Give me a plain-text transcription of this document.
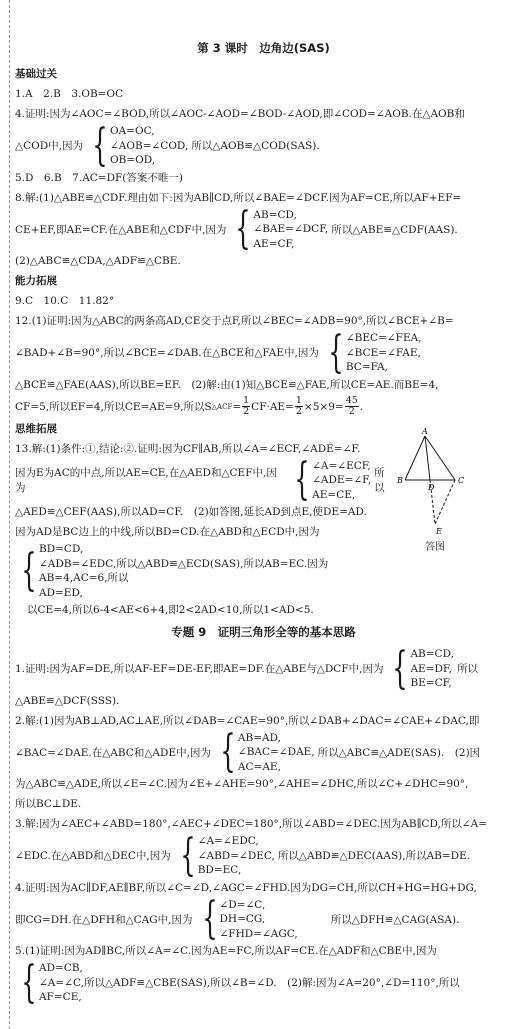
第 3 课时　边角边(SAS)
基础过关
1.A　2.B　3.OB=OC
4.证明:因为∠AOC=∠BOD,所以∠AOC-∠AOD=∠BOD-∠AOD,即∠COD=∠AOB.在△AOB和
△COD中,因为 { OA=OC,
∠AOB=∠COD,
OB=OD,
所以△AOB≌△COD(SAS).
5.D　6.B　7.AC=DF(答案不唯一)
8.解:(1)△ABE≌△CDF.理由如下:因为AB∥CD,所以∠BAE=∠DCF.因为AF=CE,所以AF+EF=
CE+EF,即AE=CF.在△ABE和△CDF中,因为 { AB=CD,
∠BAE=∠DCF,
AE=CF,
所以△ABE≌△CDF(AAS).
(2)△ABC≌△CDA,△ADF≌△CBE.
能力拓展
9.C　10.C　11.82°
12.(1)证明:因为△ABC的两条高AD,CE交于点F,所以∠BEC=∠ADB=90°,所以∠BCE+∠B=
∠BAD+∠B=90°,所以∠BCE=∠DAB.在△BCE和△FAE中,因为 { ∠BEC=∠FEA,
∠BCE=∠FAE,
BC=FA,
△BCE≌△FAE(AAS),所以BE=EF.　(2)解:由(1)知△BCE≌△FAE,所以CE=AE.而BE=4,
CF=5,所以EF=4,所以CE=AE=9,所以S △ACF = $\frac{1}{2} CF\cdot AE= \frac{1}{2} \times 5\times 9= \frac{45}{2}$ .
思维拓展
13.解:(1)条件:①,结论:②.证明:因为CF∥AB,所以∠A=∠ECF,∠ADE=∠F.
因为E为AC的中点,所以AE=CE,在△AED和△CEF中,因为	{ ∠A=∠ECF,
∠ADE=∠F,
AE=CE,
所以
△AED≌△CEF(AAS),所以AD=CF.　(2)如答图,延长AD到点E,使DE=AD.
因为AD是BC边上的中线,所以BD=CD.在△ABD和△ECD中,因为
{ BD=CD,
∠ADB=∠EDC,所以△ABD≌△ECD(SAS),所以AB=EC.因为AB=4,AC=6,所以
AD=ED,
以CE=4,所以6-4<AE<6+4,即2<2AD<10,所以1<AD<5.
专题 9　证明三角形全等的基本思路
1.证明:因为AF=DE,所以AF-EF=DE-EF,即AE=DF.在△ABE与△DCF中,因为 { AB=CD,
AE=DF,
BE=CF,
所以
△ABE≌△DCF(SSS).
2.解:(1)因为AB⊥AD,AC⊥AE,所以∠DAB=∠CAE=90°,所以∠DAB+∠DAC=∠CAE+∠DAC,即
∠BAC=∠DAE.在△ABC和△ADE中,因为 { AB=AD,
∠BAC=∠DAE,
AC=AE,
所以△ABC≌△ADE(SAS).　(2)因
为△ABC≌△ADE,所以∠E=∠C.因为∠E+∠AHE=90°,∠AHE=∠DHC,所以∠C+∠DHC=90°,
所以BC⊥DE.
3.解:因为∠AEC+∠ABD=180°,∠AEC+∠DEC=180°,所以∠ABD=∠DEC.因为AB∥CD,所以∠A=
∠EDC.在△ABD和△DEC中,因为 { ∠A=∠EDC,
∠ABD=∠DEC,
BD=EC,
所以△ABD≌△DEC(AAS),所以AB=DE.
4.证明:因为AC∥DF,AE∥BF,所以∠C=∠D,∠AGC=∠FHD.因为DG=CH,所以CH+HG=HG+DG,
即CG=DH.在△DFH和△CAG中,因为 { ∠D=∠C,
DH=CG,
∠FHD=∠AGC,
所以△DFH≌△CAG(ASA).
5.(1)证明:因为AD∥BC,所以∠A=∠C.因为AE=FC,所以AF=CE.在△ADF和△CBE中,因为
{ AD=CB,
∠A=∠C,所以△ADF≌△CBE(SAS),所以∠B=∠D.　(2)解:因为∠A=20°,∠D=110°,所以
AF=CE,
A
B
D
C
E
答图
